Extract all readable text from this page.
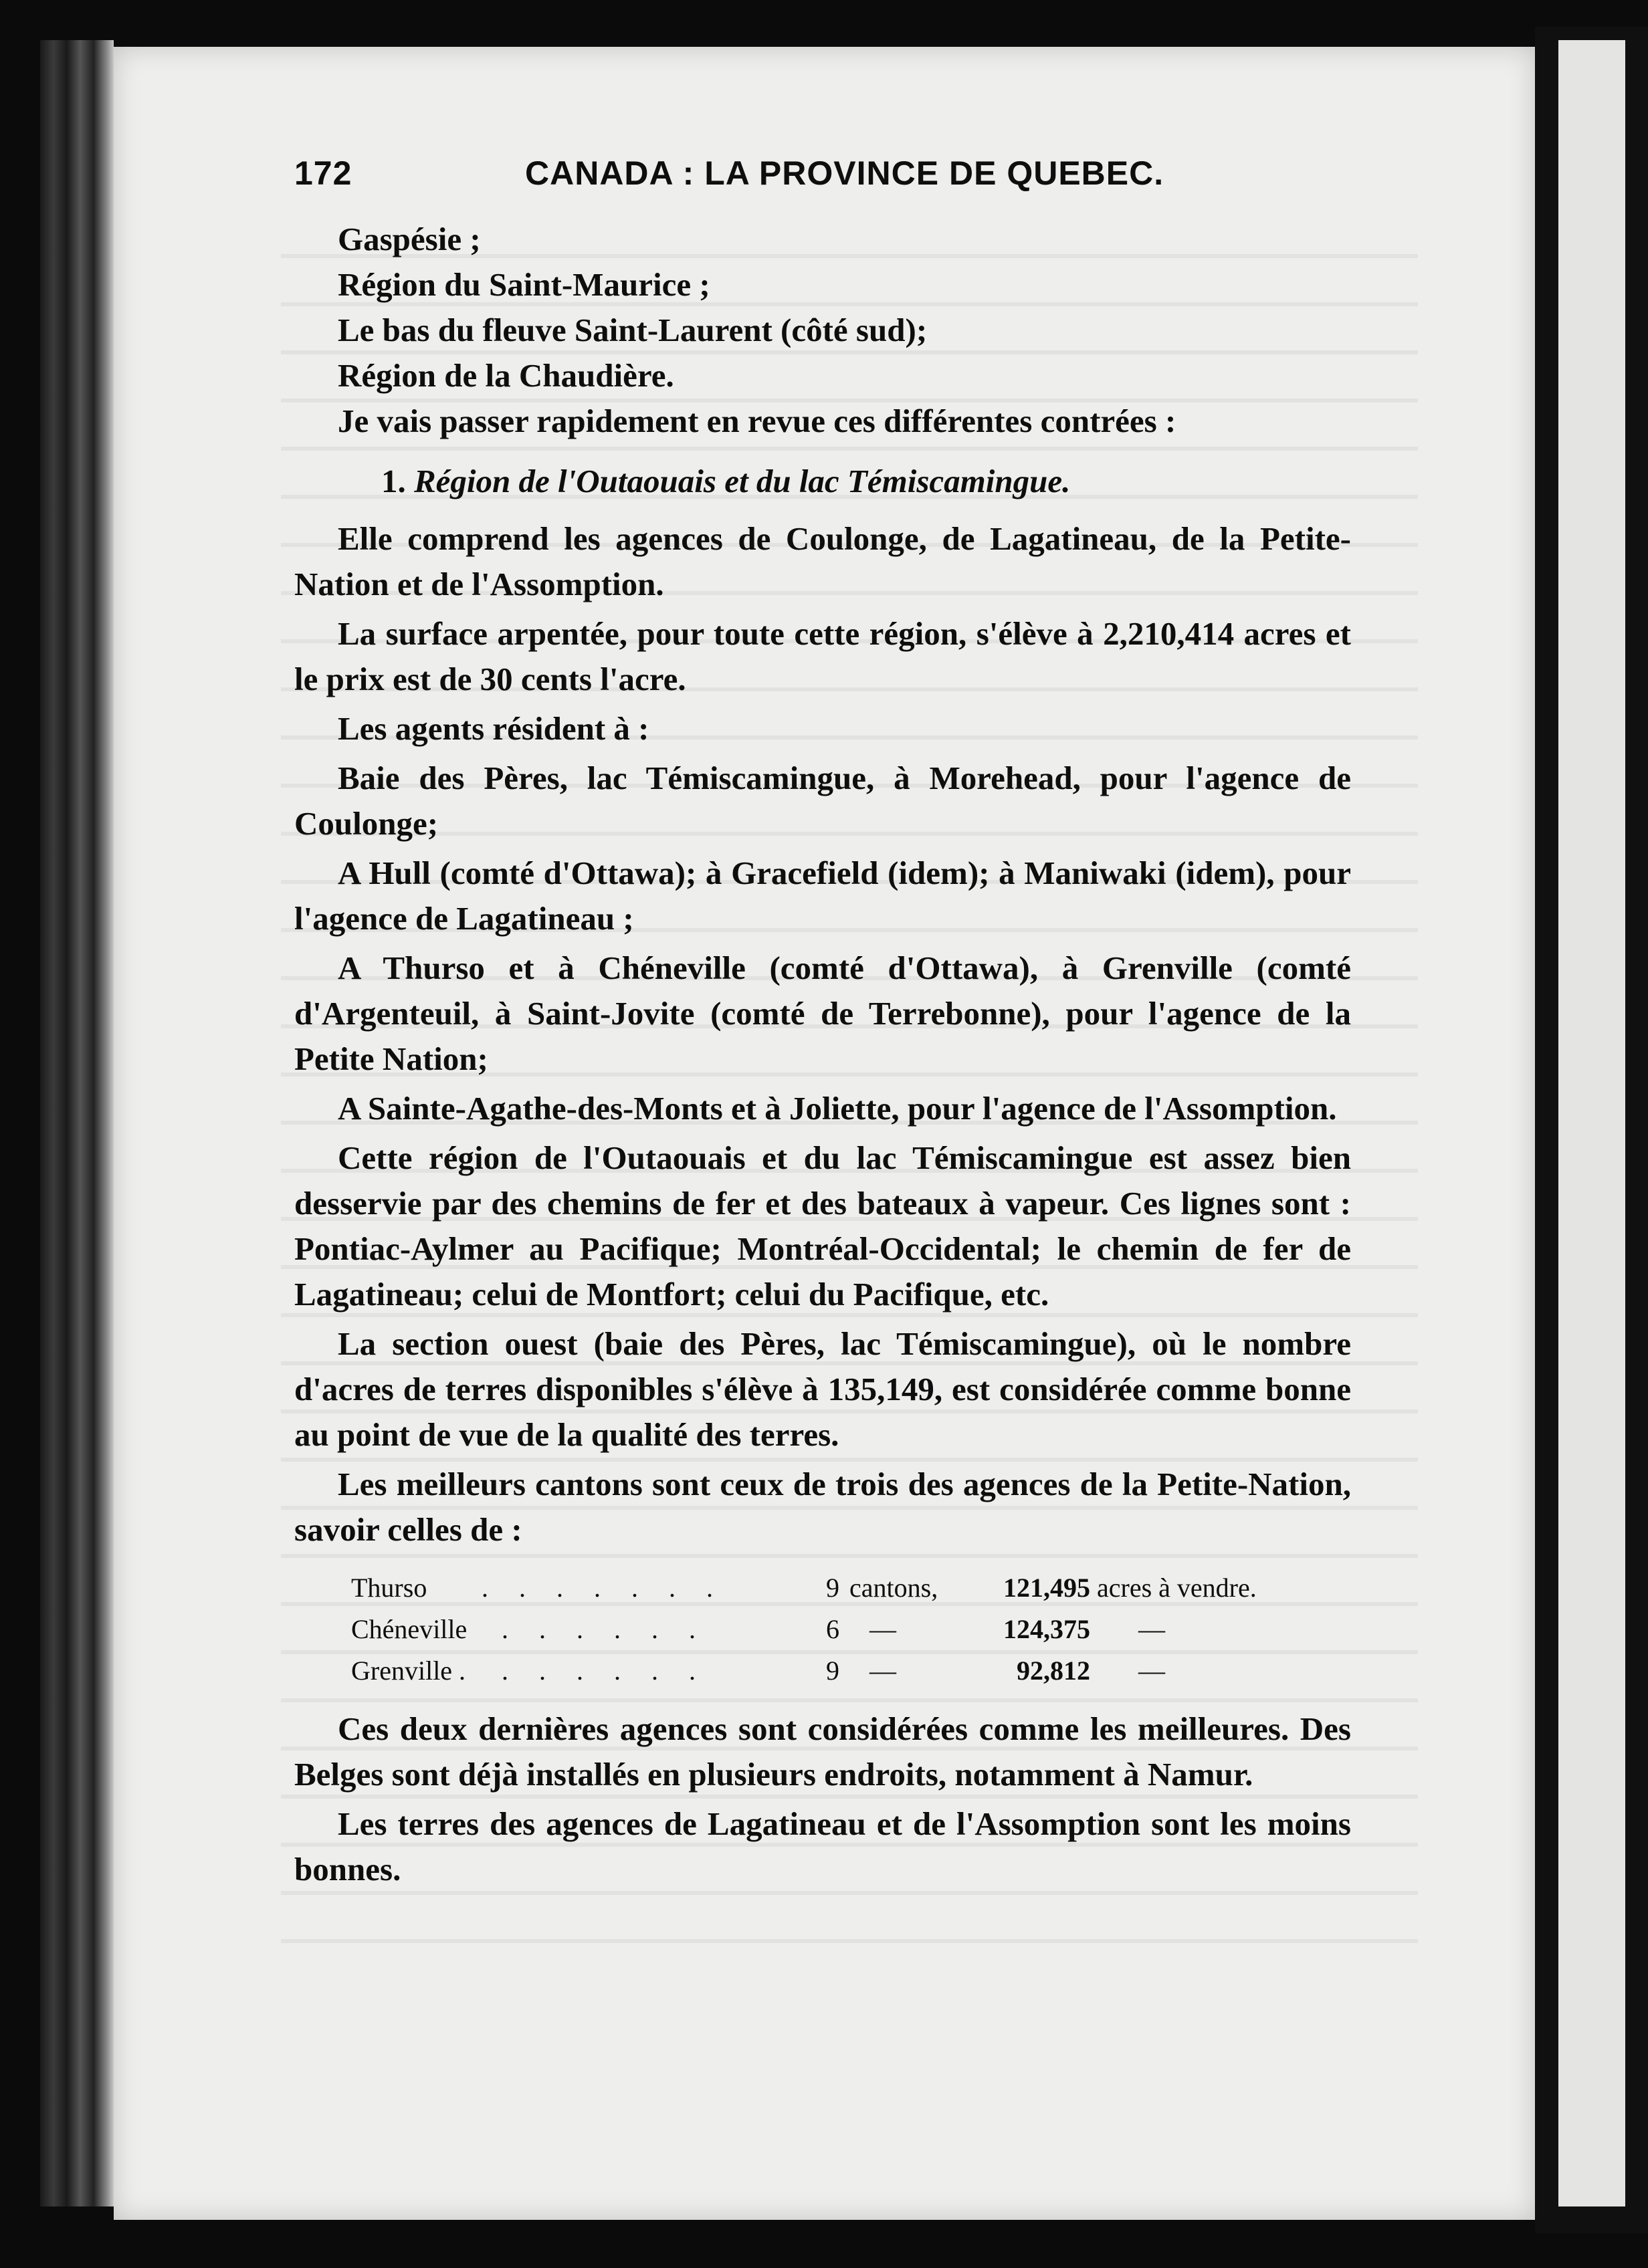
172	CANADA : LA PROVINCE DE QUEBEC.
Gaspésie ;
Région du Saint-Maurice ;
Le bas du fleuve Saint-Laurent (côté sud);
Région de la Chaudière.
Je vais passer rapidement en revue ces différentes contrées :
1. Région de l'Outaouais et du lac Témiscamingue.

Elle comprend les agences de Coulonge, de Lagatineau, de la Petite-Nation et de l'Assomption.

La surface arpentée, pour toute cette région, s'élève à 2,210,414 acres et le prix est de 30 cents l'acre.

Les agents résident à :

Baie des Pères, lac Témiscamingue, à Morehead, pour l'agence de Coulonge;

A Hull (comté d'Ottawa); à Gracefield (idem); à Maniwaki (idem), pour l'agence de Lagatineau ;

A Thurso et à Chéneville (comté d'Ottawa), à Grenville (comté d'Argenteuil, à Saint-Jovite (comté de Terrebonne), pour l'agence de la Petite Nation;

A Sainte-Agathe-des-Monts et à Joliette, pour l'agence de l'Assomption.

Cette région de l'Outaouais et du lac Témiscamingue est assez bien desservie par des chemins de fer et des bateaux à vapeur. Ces lignes sont : Pontiac-Aylmer au Pacifique; Montréal-Occidental; le chemin de fer de Lagatineau; celui de Montfort; celui du Pacifique, etc.

La section ouest (baie des Pères, lac Témiscamingue), où le nombre d'acres de terres disponibles s'élève à 135,149, est considérée comme bonne au point de vue de la qualité des terres.

Les meilleurs cantons sont ceux de trois des agences de la Petite-Nation, savoir celles de :

Thurso . . . . . . .	9 cantons,	121,495 acres à vendre.
Chéneville . . . . . .	6 —	124,375 —
Grenville . . . . . . .	9 —	92,812 —

Ces deux dernières agences sont considérées comme les meilleures. Des Belges sont déjà installés en plusieurs endroits, notamment à Namur.

Les terres des agences de Lagatineau et de l'Assomption sont les moins bonnes.
